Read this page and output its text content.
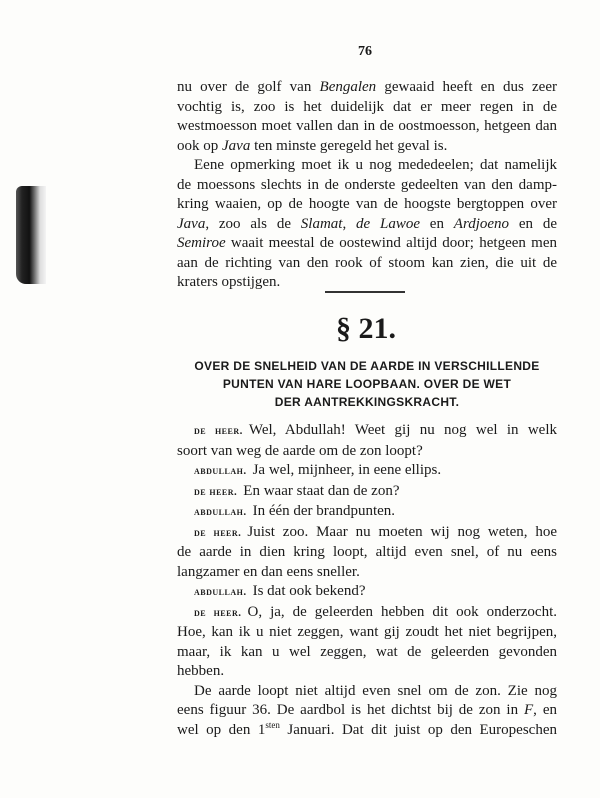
76
nu over de golf van Bengalen gewaaid heeft en dus zeer
vochtig is, zoo is het duidelijk dat er meer regen in de
westmoesson moet vallen dan in de oostmoesson, hetgeen dan
ook op Java ten minste geregeld het geval is.
Eene opmerking moet ik u nog mededeelen; dat namelijk
de moessons slechts in de onderste gedeelten van den damp-
kring waaien, op de hoogte van de hoogste bergtoppen over
Java, zoo als de Slamat, de Lawoe en Ardjoeno en de
Semiroe waait meestal de oostewind altijd door; hetgeen men
aan de richting van den rook of stoom kan zien, die uit de
kraters opstijgen.
§ 21.
OVER DE SNELHEID VAN DE AARDE IN VERSCHILLENDE
PUNTEN VAN HARE LOOPBAAN. OVER DE WET
DER AANTREKKINGSKRACHT.
de heer. Wel, Abdullah! Weet gij nu nog wel in welk
soort van weg de aarde om de zon loopt?
abdullah. Ja wel, mijnheer, in eene ellips.
de heer. En waar staat dan de zon?
abdullah. In één der brandpunten.
de heer. Juist zoo. Maar nu moeten wij nog weten, hoe
de aarde in dien kring loopt, altijd even snel, of nu eens
langzamer en dan eens sneller.
abdullah. Is dat ook bekend?
de heer. O, ja, de geleerden hebben dit ook onderzocht.
Hoe, kan ik u niet zeggen, want gij zoudt het niet begrijpen,
maar, ik kan u wel zeggen, wat de geleerden gevonden
hebben.
De aarde loopt niet altijd even snel om de zon. Zie nog
eens figuur 36. De aardbol is het dichtst bij de zon in F, en
wel op den $1^{sten}$ Januari. Dat dit juist op den Europeschen
